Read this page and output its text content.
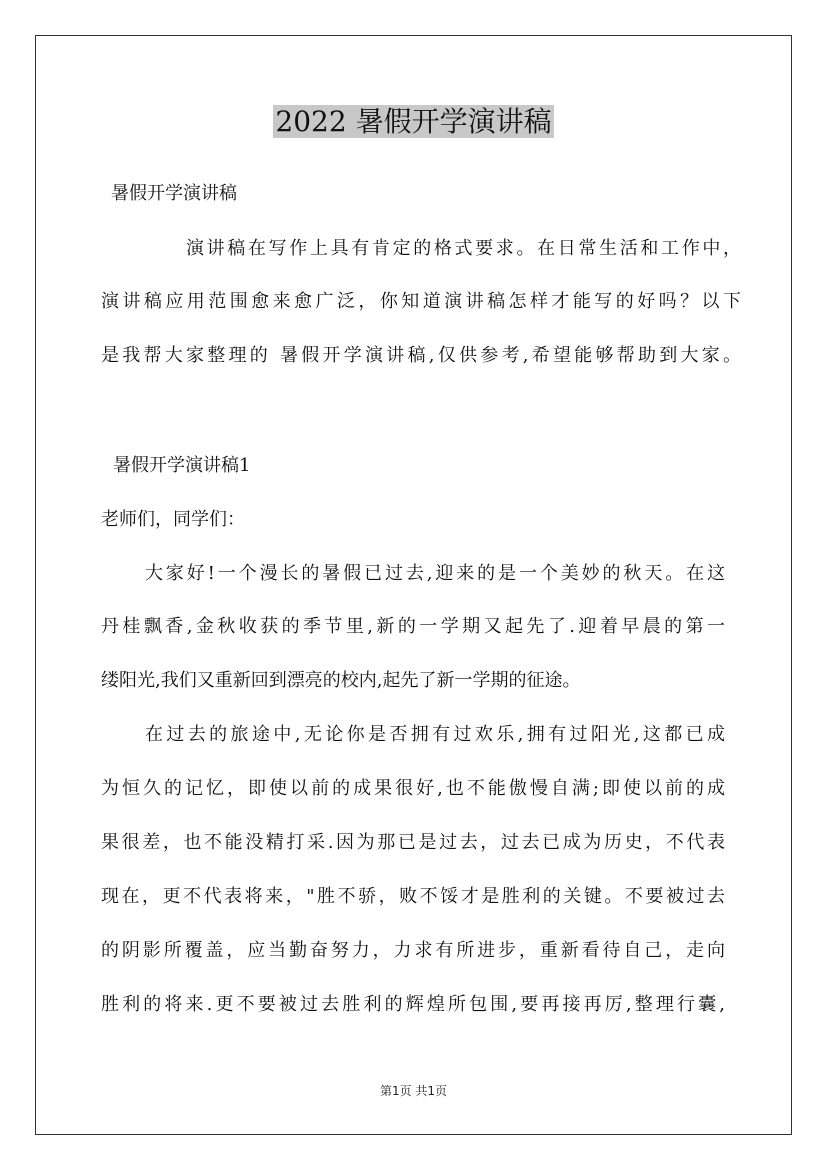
2022 暑假开学演讲稿
暑假开学演讲稿
演讲稿在写作上具有肯定的格式要求。在日常生活和工作中，
演讲稿应用范围愈来愈广泛，你知道演讲稿怎样才能写的好吗？以下
是我帮大家整理的 暑假开学演讲稿,仅供参考,希望能够帮助到大家。
暑假开学演讲稿1
老师们，同学们：
大家好!一个漫长的暑假已过去,迎来的是一个美妙的秋天。在这
丹桂飘香,金秋收获的季节里,新的一学期又起先了.迎着早晨的第一
缕阳光,我们又重新回到漂亮的校内,起先了新一学期的征途。
在过去的旅途中,无论你是否拥有过欢乐,拥有过阳光,这都已成
为恒久的记忆，即使以前的成果很好,也不能傲慢自满;即使以前的成
果很差，也不能没精打采.因为那已是过去，过去已成为历史，不代表
现在，更不代表将来，"胜不骄，败不馁才是胜利的关键。不要被过去
的阴影所覆盖，应当勤奋努力，力求有所进步，重新看待自己，走向
胜利的将来.更不要被过去胜利的辉煌所包围,要再接再厉,整理行囊,
第1页 共1页
